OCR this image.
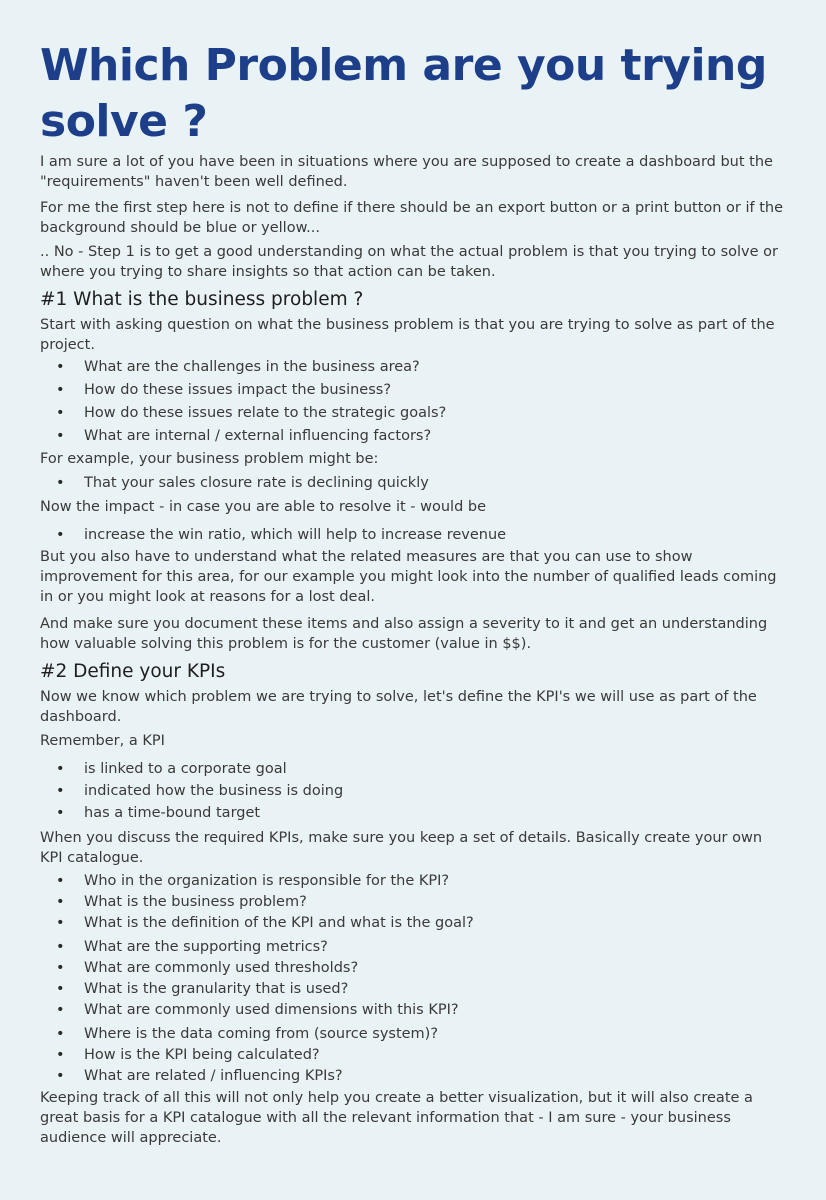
Which Problem are you trying solve ?

I am sure a lot of you have been in situations where you are supposed to create a dashboard but the "requirements" haven't been well defined.

For me the first step here is not to define if there should be an export button or a print button or if the background should be blue or yellow...

.. No - Step 1 is to get a good understanding on what the actual problem is that you trying to solve or where you trying to share insights so that action can be taken.

#1 What is the business problem ?

Start with asking question on what the business problem is that you are trying to solve as part of the project.

• What are the challenges in the business area?
• How do these issues impact the business?
• How do these issues relate to the strategic goals?
• What are internal / external influencing factors?

For example, your business problem might be:

• That your sales closure rate is declining quickly

Now the impact - in case you are able to resolve it - would be

• increase the win ratio, which will help to increase revenue

But you also have to understand what the related measures are that you can use to show improvement for this area, for our example you might look into the number of qualified leads coming in or you might look at reasons for a lost deal.

And make sure you document these items and also assign a severity to it and get an understanding how valuable solving this problem is for the customer (value in $$).

#2 Define your KPIs

Now we know which problem we are trying to solve, let's define the KPI's we will use as part of the dashboard.

Remember, a KPI

• is linked to a corporate goal
• indicated how the business is doing
• has a time-bound target

When you discuss the required KPIs, make sure you keep a set of details. Basically create your own KPI catalogue.

• Who in the organization is responsible for the KPI?
• What is the business problem?
• What is the definition of the KPI and what is the goal?
• What are the supporting metrics?
• What are commonly used thresholds?
• What is the granularity that is used?
• What are commonly used dimensions with this KPI?
• Where is the data coming from (source system)?
• How is the KPI being calculated?
• What are related / influencing KPIs?

Keeping track of all this will not only help you create a better visualization, but it will also create a great basis for a KPI catalogue with all the relevant information that - I am sure - your business audience will appreciate.
